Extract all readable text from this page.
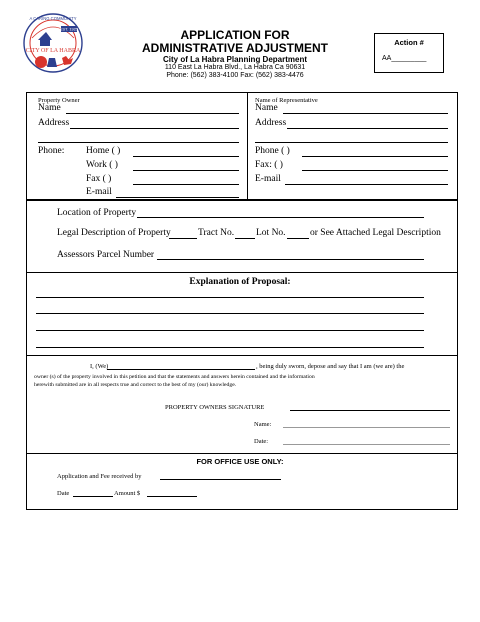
A CARING COMMUNITY
EST. 1925
CITY OF LA HABRA
APPLICATION FOR
ADMINISTRATIVE ADJUSTMENT
City of La Habra Planning Department
110 East La Habra Blvd., La Habra Ca 90631
Phone: (562) 383-4100 Fax: (562) 383-4476
Action #
AA_________
Property Owner
Name
Address
Phone: Home ( )
Work ( )
Fax ( )
E-mail
Name of Representative
Name
Address
Phone ( )
Fax: ( )
E-mail
Location of Property
Legal Description of Property	Tract No. Lot No.	or See Attached Legal Description
Assessors Parcel Number
Explanation of Proposal:
I, (We)	, being duly sworn, depose and say that I am (we are) the
owner (s) of the property involved in this petition and that the statements and answers herein contained and the information
herewith submitted are in all respects true and correct to the best of my (our) knowledge.
PROPERTY OWNERS SIGNATURE
Name:
Date:
FOR OFFICE USE ONLY:
Application and Fee received by
Date	Amount $
